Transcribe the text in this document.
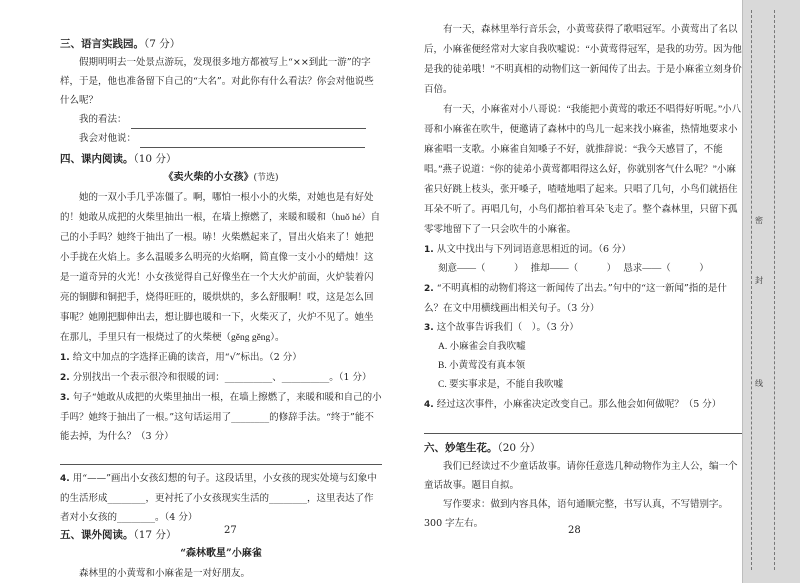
三、语言实践园。（7 分）

假期明明去一处景点游玩，发现很多地方都被写上“××到此一游”的字样，于是，他也准备留下自己的“大名”。对此你有什么看法？你会对他说些什么呢？

我的看法：
我会对他说：
四、课内阅读。（10 分）
《卖火柴的小女孩》(节选)

她的一双小手几乎冻僵了。啊，哪怕一根小小的火柴，对她也是有好处的！她敢从成把的火柴里抽出一根，在墙上擦燃了，来暖和暖和（huǒ hé）自己的小手吗？她终于抽出了一根。哧！火柴燃起来了，冒出火焰来了！她把小手拢在火焰上。多么温暖多么明亮的火焰啊，简直像一支小小的蜡烛！这是一道奇异的火光！小女孩觉得自己好像坐在一个大火炉前面，火炉装着闪亮的铜脚和铜把手，烧得旺旺的，暖烘烘的，多么舒服啊！哎，这是怎么回事呢？她刚把脚伸出去，想让脚也暖和一下，火柴灭了，火炉不见了。她坐在那儿，手里只有一根烧过了的火柴梗（gěng gěng）。

1. 给文中加点的字选择正确的读音，用“√”标出。（2 分）

2. 分别找出一个表示很冷和很暖的词：__________、__________。（1 分）

3. 句子“她敢从成把的火柴里抽出一根，在墙上擦燃了，来暖和暖和自己的小手吗？她终于抽出了一根。”这句话运用了________的修辞手法。“终于”能不能去掉，为什么？（3 分）

4. 用“——”画出小女孩幻想的句子。这段话里，小女孩的现实处境与幻象中的生活形成________，更衬托了小女孩现实生活的________，这里表达了作者对小女孩的________。（4 分）

五、课外阅读。（17 分）
“森林歌星”小麻雀

森林里的小黄莺和小麻雀是一对好朋友。

27

有一天，森林里举行音乐会，小黄莺获得了歌唱冠军。小黄莺出了名以后，小麻雀便经常对大家自我吹嘘说：“小黄莺得冠军，是我的功劳。因为他是我的徒弟哦！”不明真相的动物们这一新闻传了出去。于是小麻雀立刻身价百倍。

有一天，小麻雀对小八哥说：“我能把小黄莺的歌还不唱得好听呢。”小八哥和小麻雀在吹牛，便邀请了森林中的鸟儿一起来找小麻雀，热情地要求小麻雀唱一支歌。小麻雀自知嗓子不好，就推辞说：“我今天感冒了，不能唱。”燕子说道：“你的徒弟小黄莺都唱得这么好，你就别客气什么呢？”小麻雀只好跳上枝头，张开嗓子，喳喳地唱了起来。只唱了几句，小鸟们就捂住耳朵不听了。再唱几句，小鸟们都拍着耳朵飞走了。整个森林里，只留下孤零零地留下了一只会吹牛的小麻雀。

1. 从文中找出与下列词语意思相近的词。（6 分）

刻意——（　　　） 推却——（　　　） 恳求——（　　　）

2. “不明真相的动物们将这一新闻传了出去。”句中的“这一新闻”指的是什么？在文中用横线画出相关句子。（3 分）

3. 这个故事告诉我们（　）。（3 分）

A. 小麻雀会自我吹嘘

B. 小黄莺没有真本领

C. 要实事求是，不能自我吹嘘

4. 经过这次事件，小麻雀决定改变自己。那么他会如何做呢？（5 分）

六、妙笔生花。（20 分）

我们已经读过不少童话故事。请你任意选几种动物作为主人公，编一个童话故事。题目自拟。

写作要求：做到内容具体，语句通顺完整，书写认真，不写错别字。300 字左右。

28
密
封
线
